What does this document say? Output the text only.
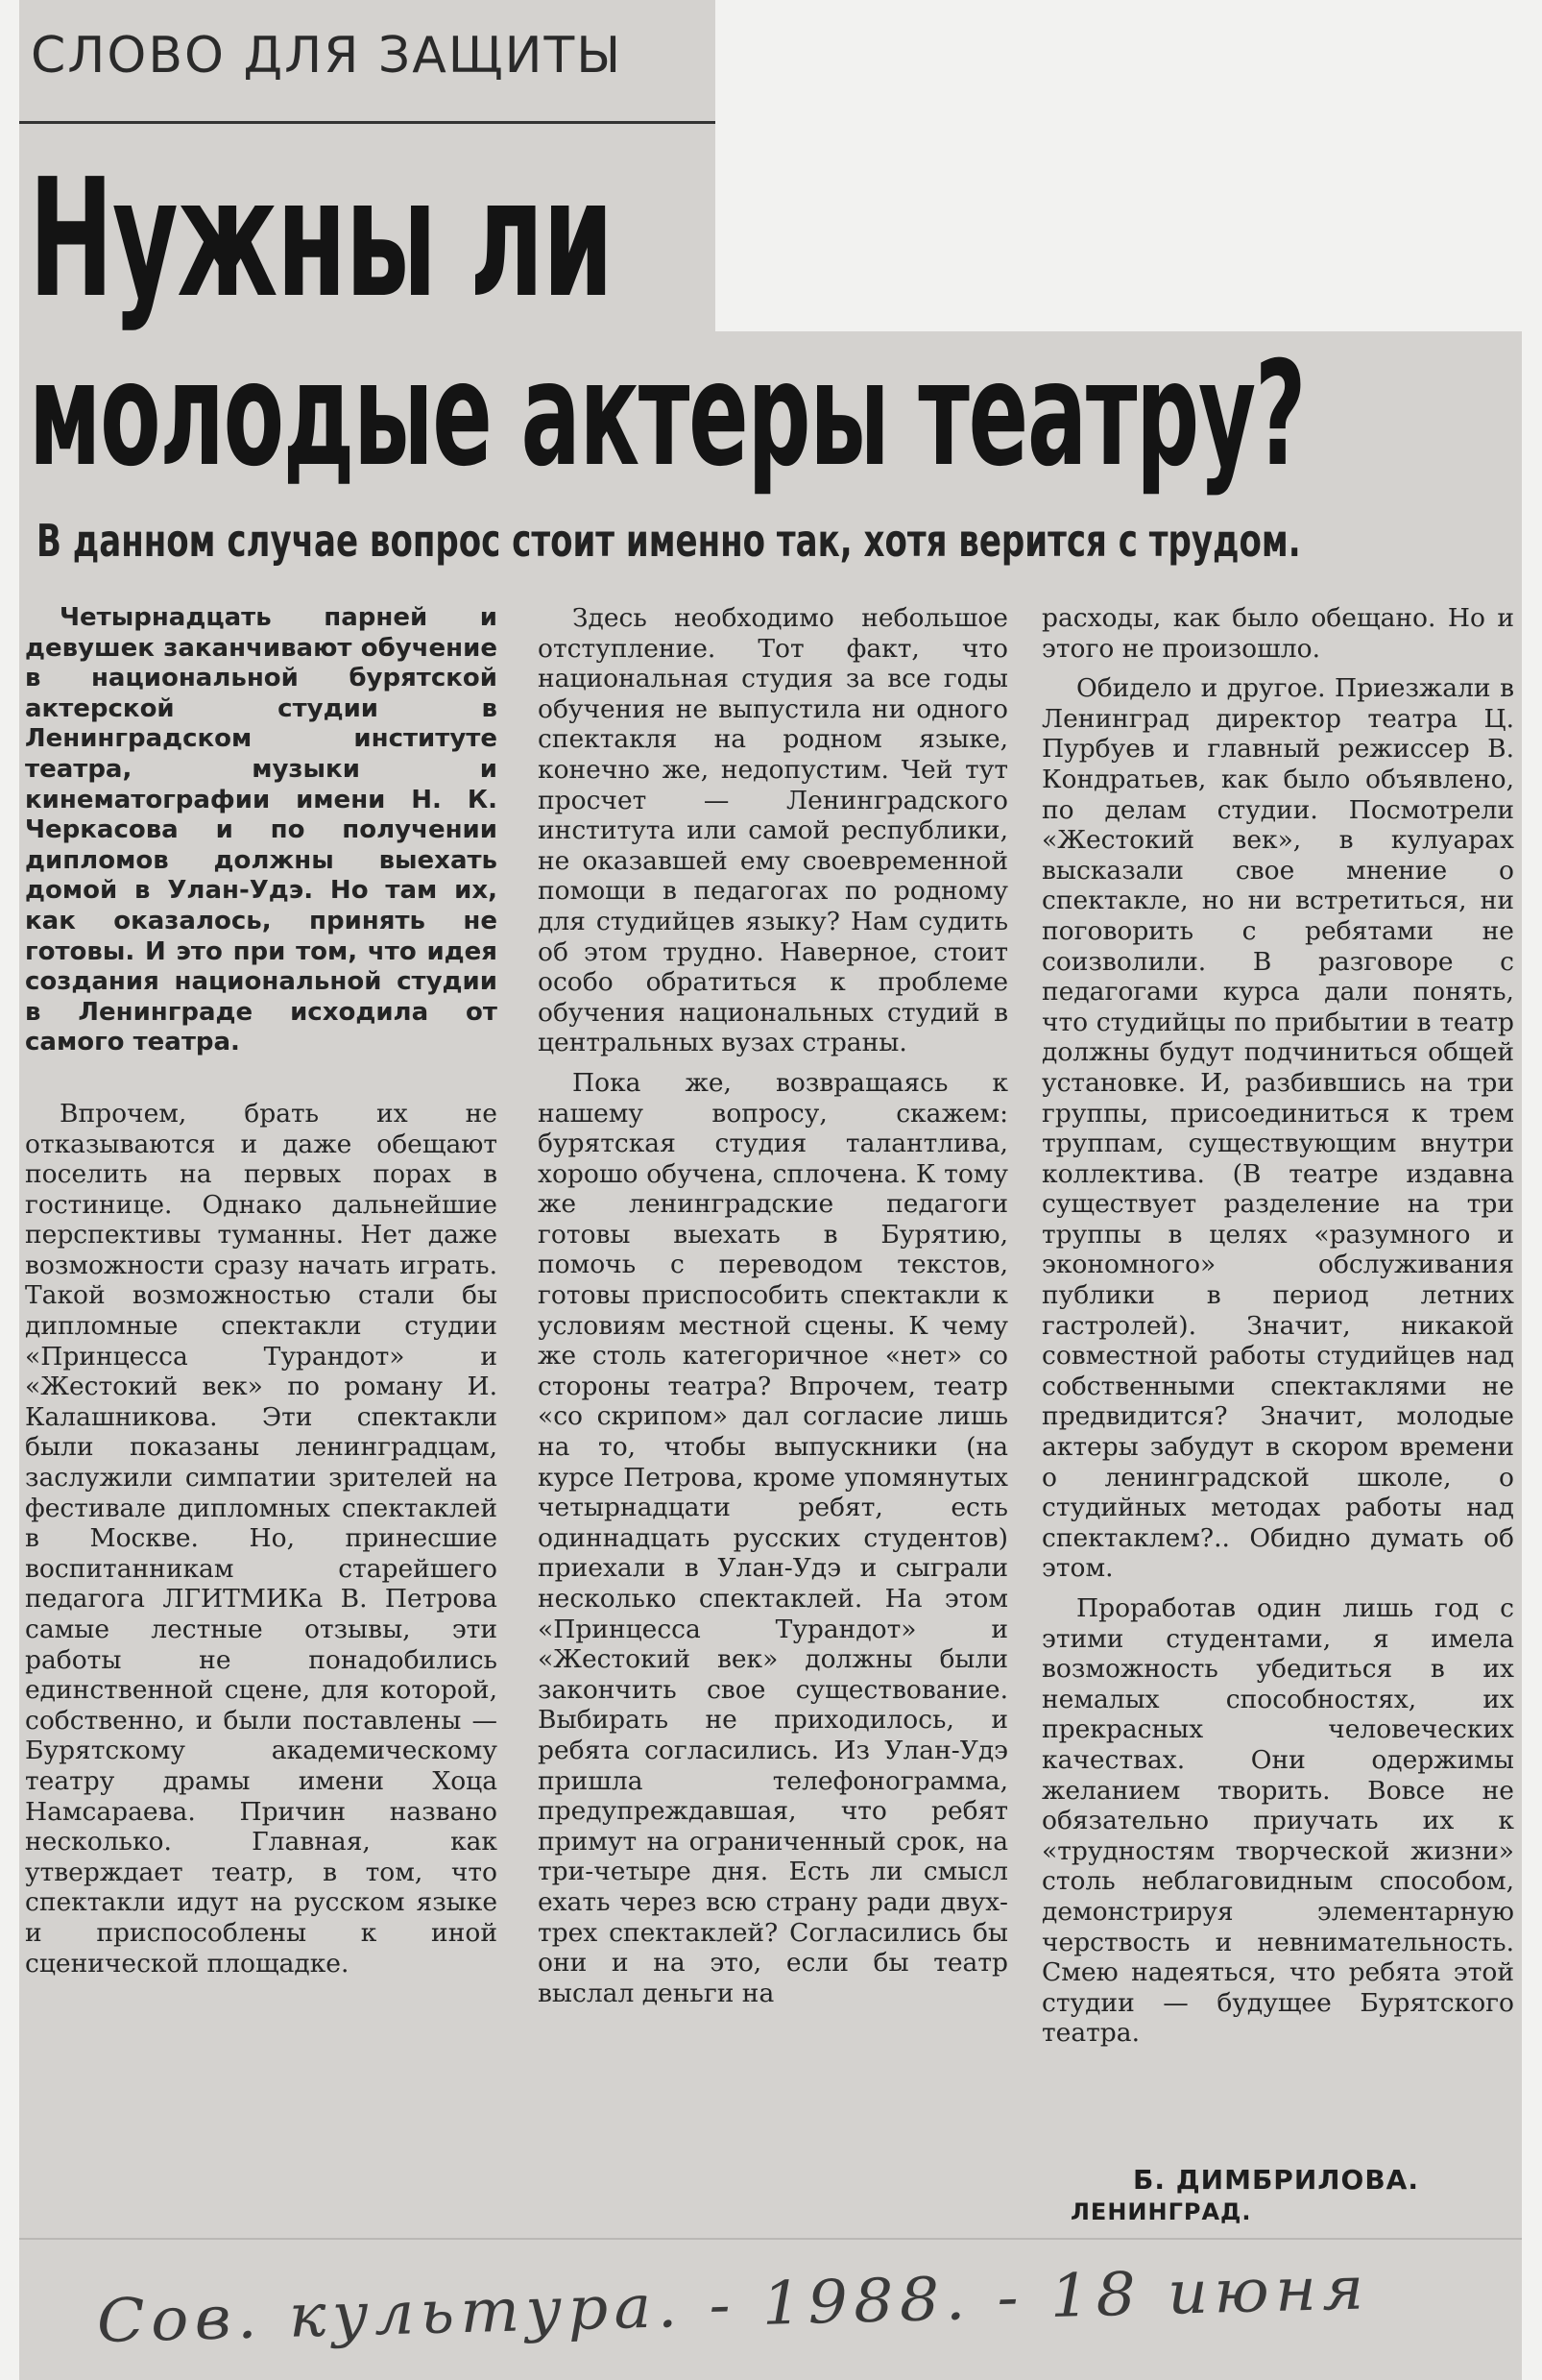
СЛОВО ДЛЯ ЗАЩИТЫ
Нужны ли
молодые актеры театру?
В данном случае вопрос стоит именно так, хотя верится с трудом.

Четырнадцать парней и девушек заканчивают обучение в национальной бурятской актерской студии в Ленинградском институте театра, музыки и кинематографии имени Н. К. Черкасова и по получении дипломов должны выехать домой в Улан-Удэ. Но там их, как оказалось, принять не готовы. И это при том, что идея создания национальной студии в Ленинграде исходила от самого театра.

Впрочем, брать их не отказываются и даже обещают поселить на первых порах в гостинице. Однако дальнейшие перспективы туманны. Нет даже возможности сразу начать играть. Такой возможностью стали бы дипломные спектакли студии «Принцесса Турандот» и «Жестокий век» по роману И. Калашникова. Эти спектакли были показаны ленинградцам, заслужили симпатии зрителей на фестивале дипломных спектаклей в Москве. Но, принесшие воспитанникам старейшего педагога ЛГИТМИКа В. Петрова самые лестные отзывы, эти работы не понадобились единственной сцене, для которой, собственно, и были поставлены — Бурятскому академическому театру драмы имени Хоца Намсараева. Причин названо несколько. Главная, как утверждает театр, в том, что спектакли идут на русском языке и приспособлены к иной сценической площадке.

Здесь необходимо небольшое отступление. Тот факт, что национальная студия за все годы обучения не выпустила ни одного спектакля на родном языке, конечно же, недопустим. Чей тут просчет — Ленинградского института или самой республики, не оказавшей ему своевременной помощи в педагогах по родному для студийцев языку? Нам судить об этом трудно. Наверное, стоит особо обратиться к проблеме обучения национальных студий в центральных вузах страны.

Пока же, возвращаясь к нашему вопросу, скажем: бурятская студия талантлива, хорошо обучена, сплочена. К тому же ленинградские педагоги готовы выехать в Бурятию, помочь с переводом текстов, готовы приспособить спектакли к условиям местной сцены. К чему же столь категоричное «нет» со стороны театра? Впрочем, театр «со скрипом» дал согласие лишь на то, чтобы выпускники (на курсе Петрова, кроме упомянутых четырнадцати ребят, есть одиннадцать русских студентов) приехали в Улан-Удэ и сыграли несколько спектаклей. На этом «Принцесса Турандот» и «Жестокий век» должны были закончить свое существование. Выбирать не приходилось, и ребята согласились. Из Улан-Удэ пришла телефонограмма, предупреждавшая, что ребят примут на ограниченный срок, на три-четыре дня. Есть ли смысл ехать через всю страну ради двух-трех спектаклей? Согласились бы они и на это, если бы театр выслал деньги на

расходы, как было обещано. Но и этого не произошло.

Обидело и другое. Приезжали в Ленинград директор театра Ц. Пурбуев и главный режиссер В. Кондратьев, как было объявлено, по делам студии. Посмотрели «Жестокий век», в кулуарах высказали свое мнение о спектакле, но ни встретиться, ни поговорить с ребятами не соизволили. В разговоре с педагогами курса дали понять, что студийцы по прибытии в театр должны будут подчиниться общей установке. И, разбившись на три группы, присоединиться к трем труппам, существующим внутри коллектива. (В театре издавна существует разделение на три труппы в целях «разумного и экономного» обслуживания публики в период летних гастролей). Значит, никакой совместной работы студийцев над собственными спектаклями не предвидится? Значит, молодые актеры забудут в скором времени о ленинградской школе, о студийных методах работы над спектаклем?.. Обидно думать об этом.

Проработав один лишь год с этими студентами, я имела возможность убедиться в их немалых способностях, их прекрасных человеческих качествах. Они одержимы желанием творить. Вовсе не обязательно приучать их к «трудностям творческой жизни» столь неблаговидным способом, демонстрируя элементарную черствость и невнимательность. Смею надеяться, что ребята этой студии — будущее Бурятского театра.

Б. ДИМБРИЛОВА.
ЛЕНИНГРАД.
Сов. культура. - 1988. - 18 июня
